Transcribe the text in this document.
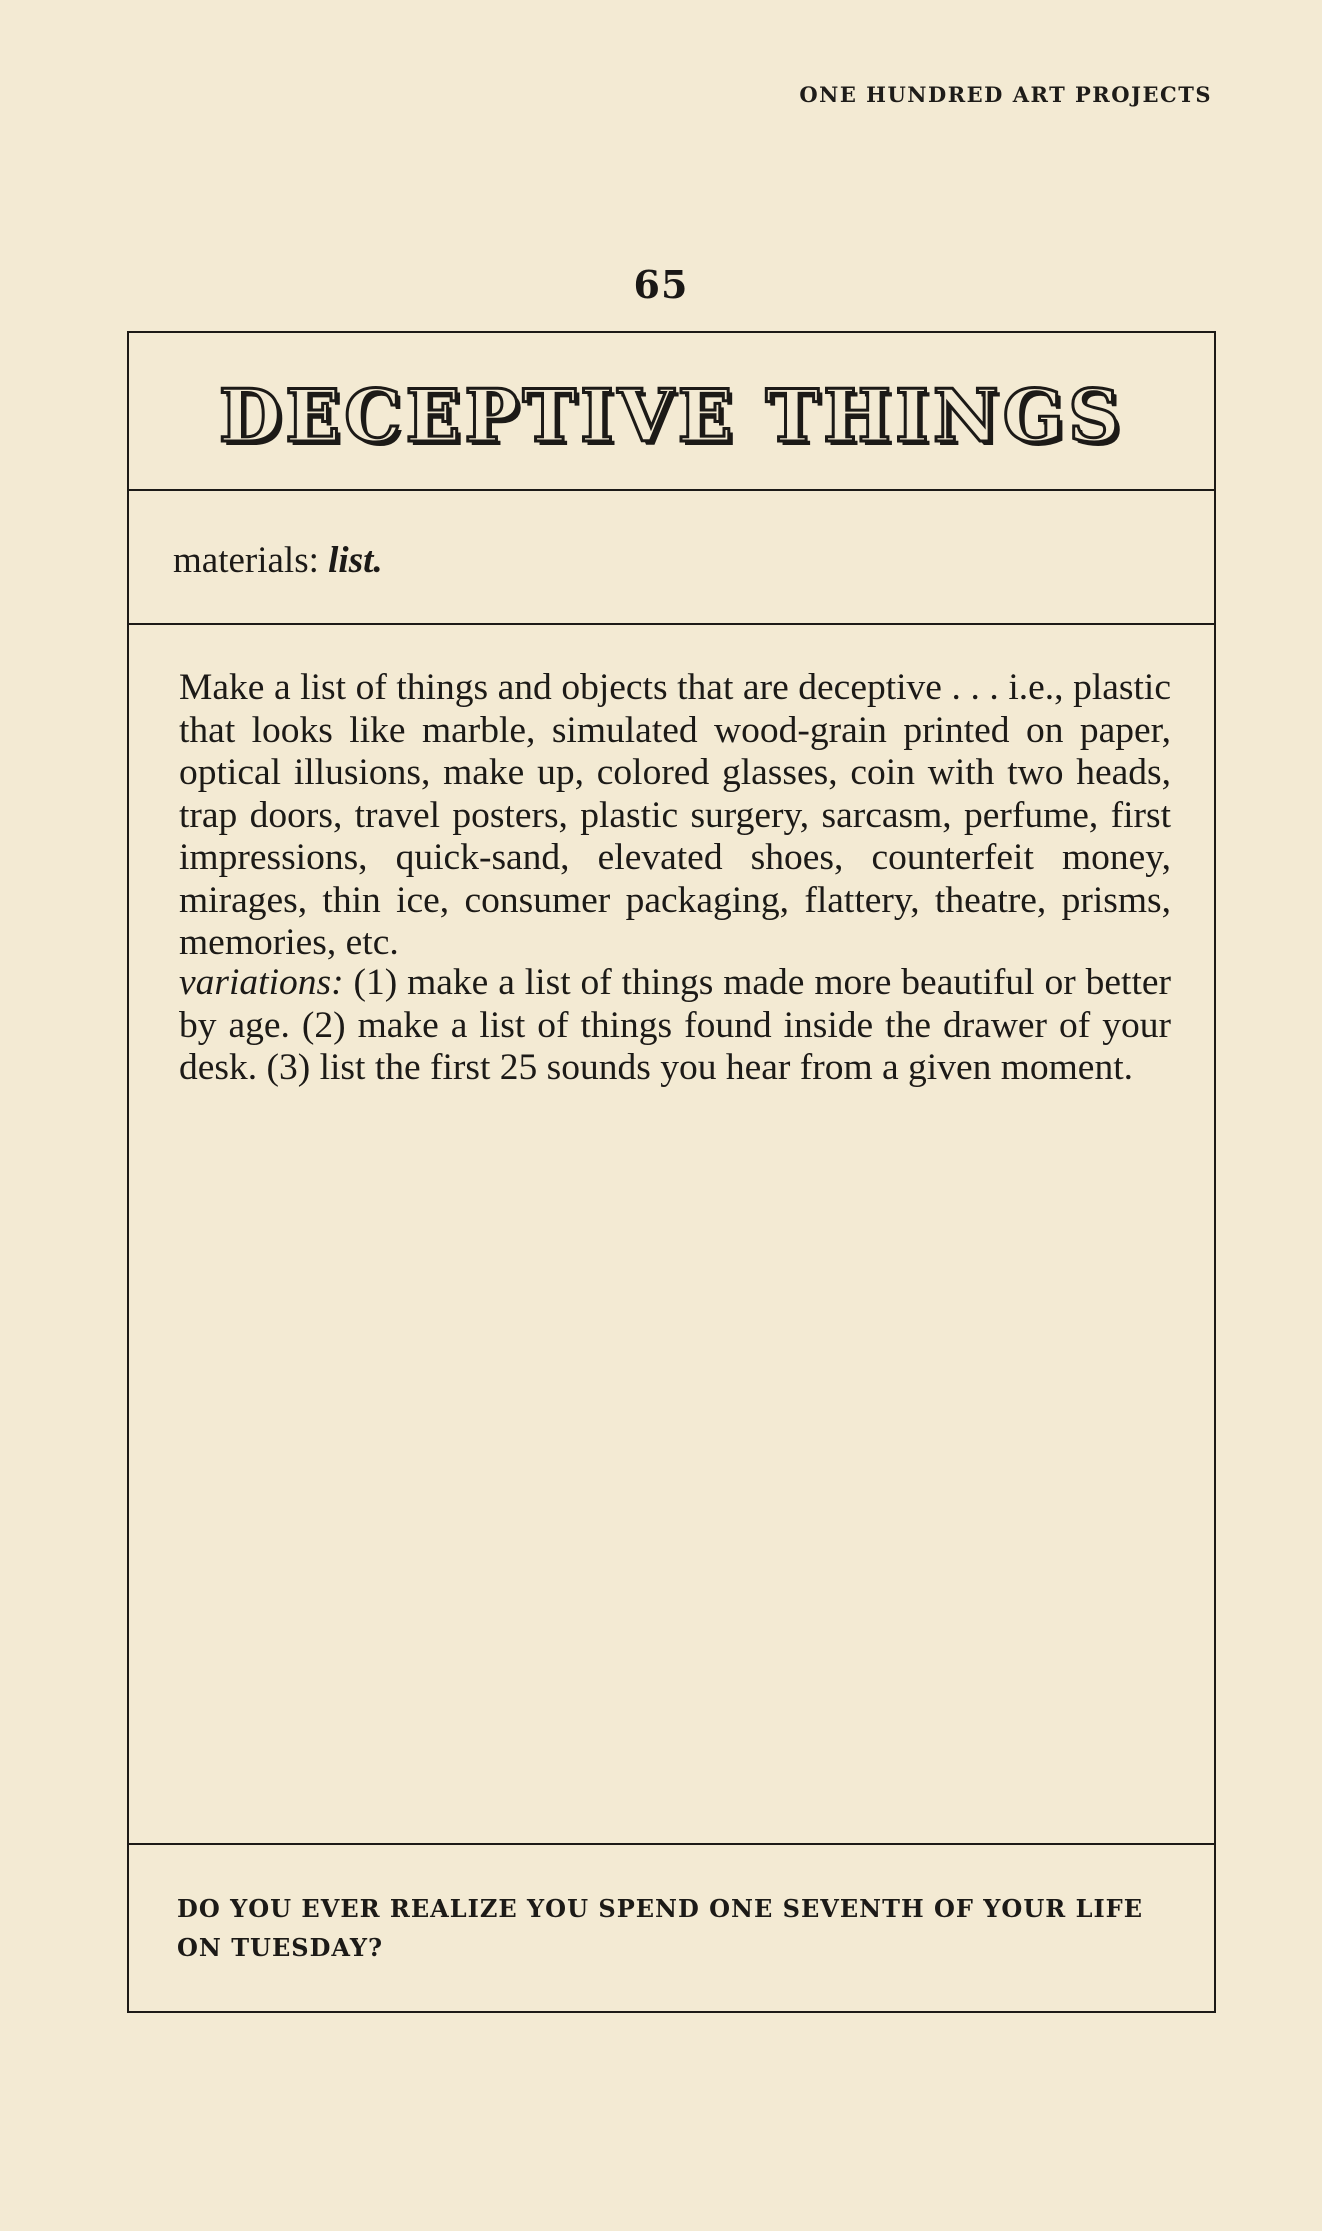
ONE HUNDRED ART PROJECTS
65
DECEPTIVE THINGS
materials: list.

Make a list of things and objects that are deceptive . . . i.e., plastic that looks like marble, simulated wood-grain printed on paper, optical illusions, make up, colored glasses, coin with two heads, trap doors, travel posters, plastic surgery, sarcasm, perfume, first impressions, quick-sand, elevated shoes, counterfeit money, mirages, thin ice, consumer packaging, flattery, theatre, prisms, memories, etc.

variations: (1) make a list of things made more beautiful or better by age. (2) make a list of things found inside the drawer of your desk. (3) list the first 25 sounds you hear from a given moment.

DO YOU EVER REALIZE YOU SPEND ONE SEVENTH OF YOUR LIFE ON TUESDAY?
